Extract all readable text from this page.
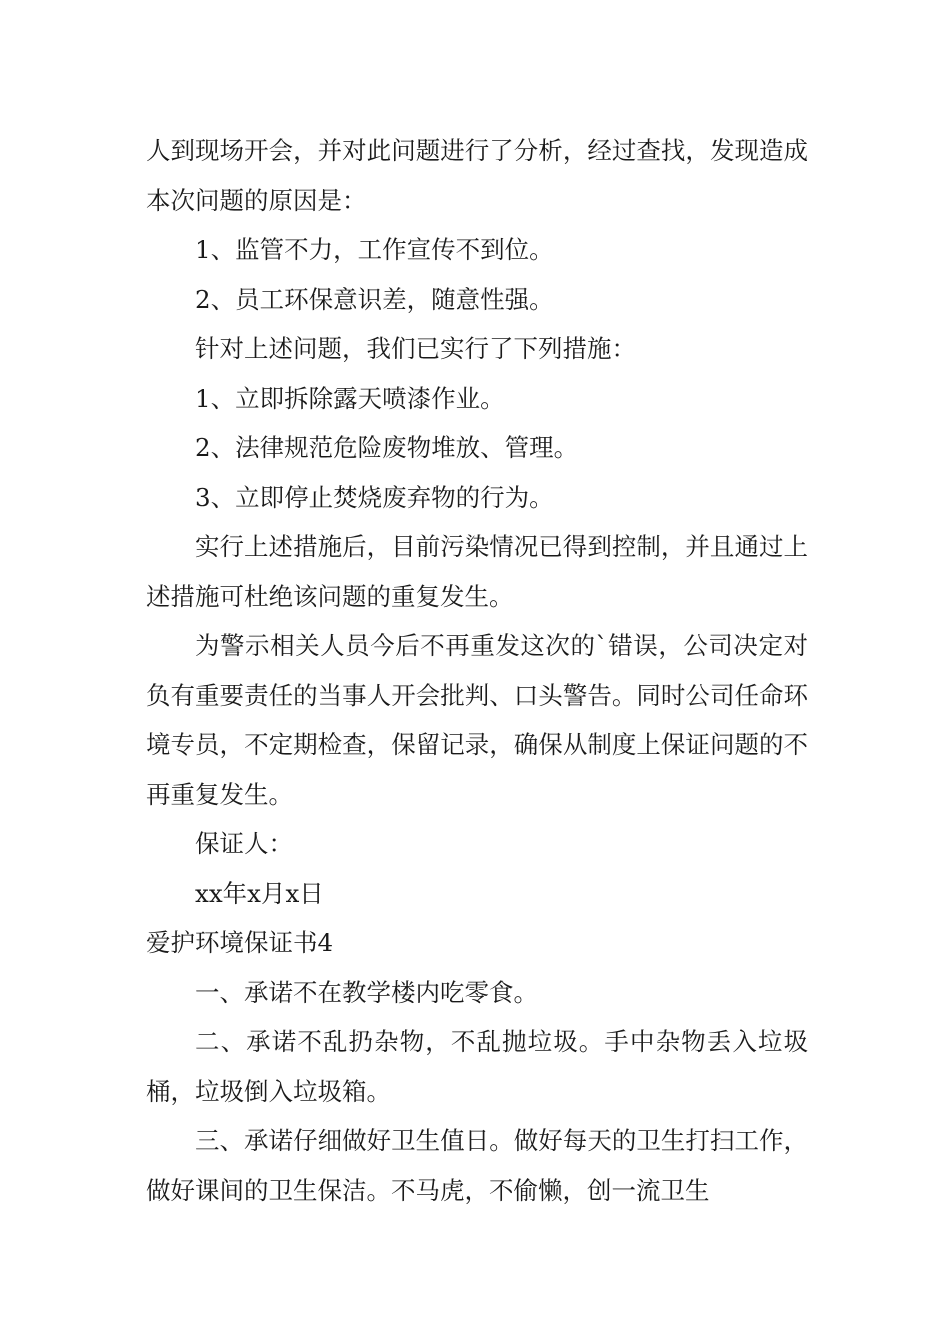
人到现场开会，并对此问题进行了分析，经过查找，发现造成本次问题的原因是：

1、监管不力，工作宣传不到位。

2、员工环保意识差，随意性强。

针对上述问题，我们已实行了下列措施：

1、立即拆除露天喷漆作业。

2、法律规范危险废物堆放、管理。

3、立即停止焚烧废弃物的行为。

实行上述措施后，目前污染情况已得到控制，并且通过上述措施可杜绝该问题的重复发生。

为警示相关人员今后不再重发这次的`错误，公司决定对负有重要责任的当事人开会批判、口头警告。同时公司任命环境专员，不定期检查，保留记录，确保从制度上保证问题的不再重复发生。

保证人：

xx年x月x日

爱护环境保证书4

一、承诺不在教学楼内吃零食。

二、承诺不乱扔杂物，不乱抛垃圾。手中杂物丢入垃圾桶，垃圾倒入垃圾箱。

三、承诺仔细做好卫生值日。做好每天的卫生打扫工作，做好课间的卫生保洁。不马虎，不偷懒，创一流卫生
